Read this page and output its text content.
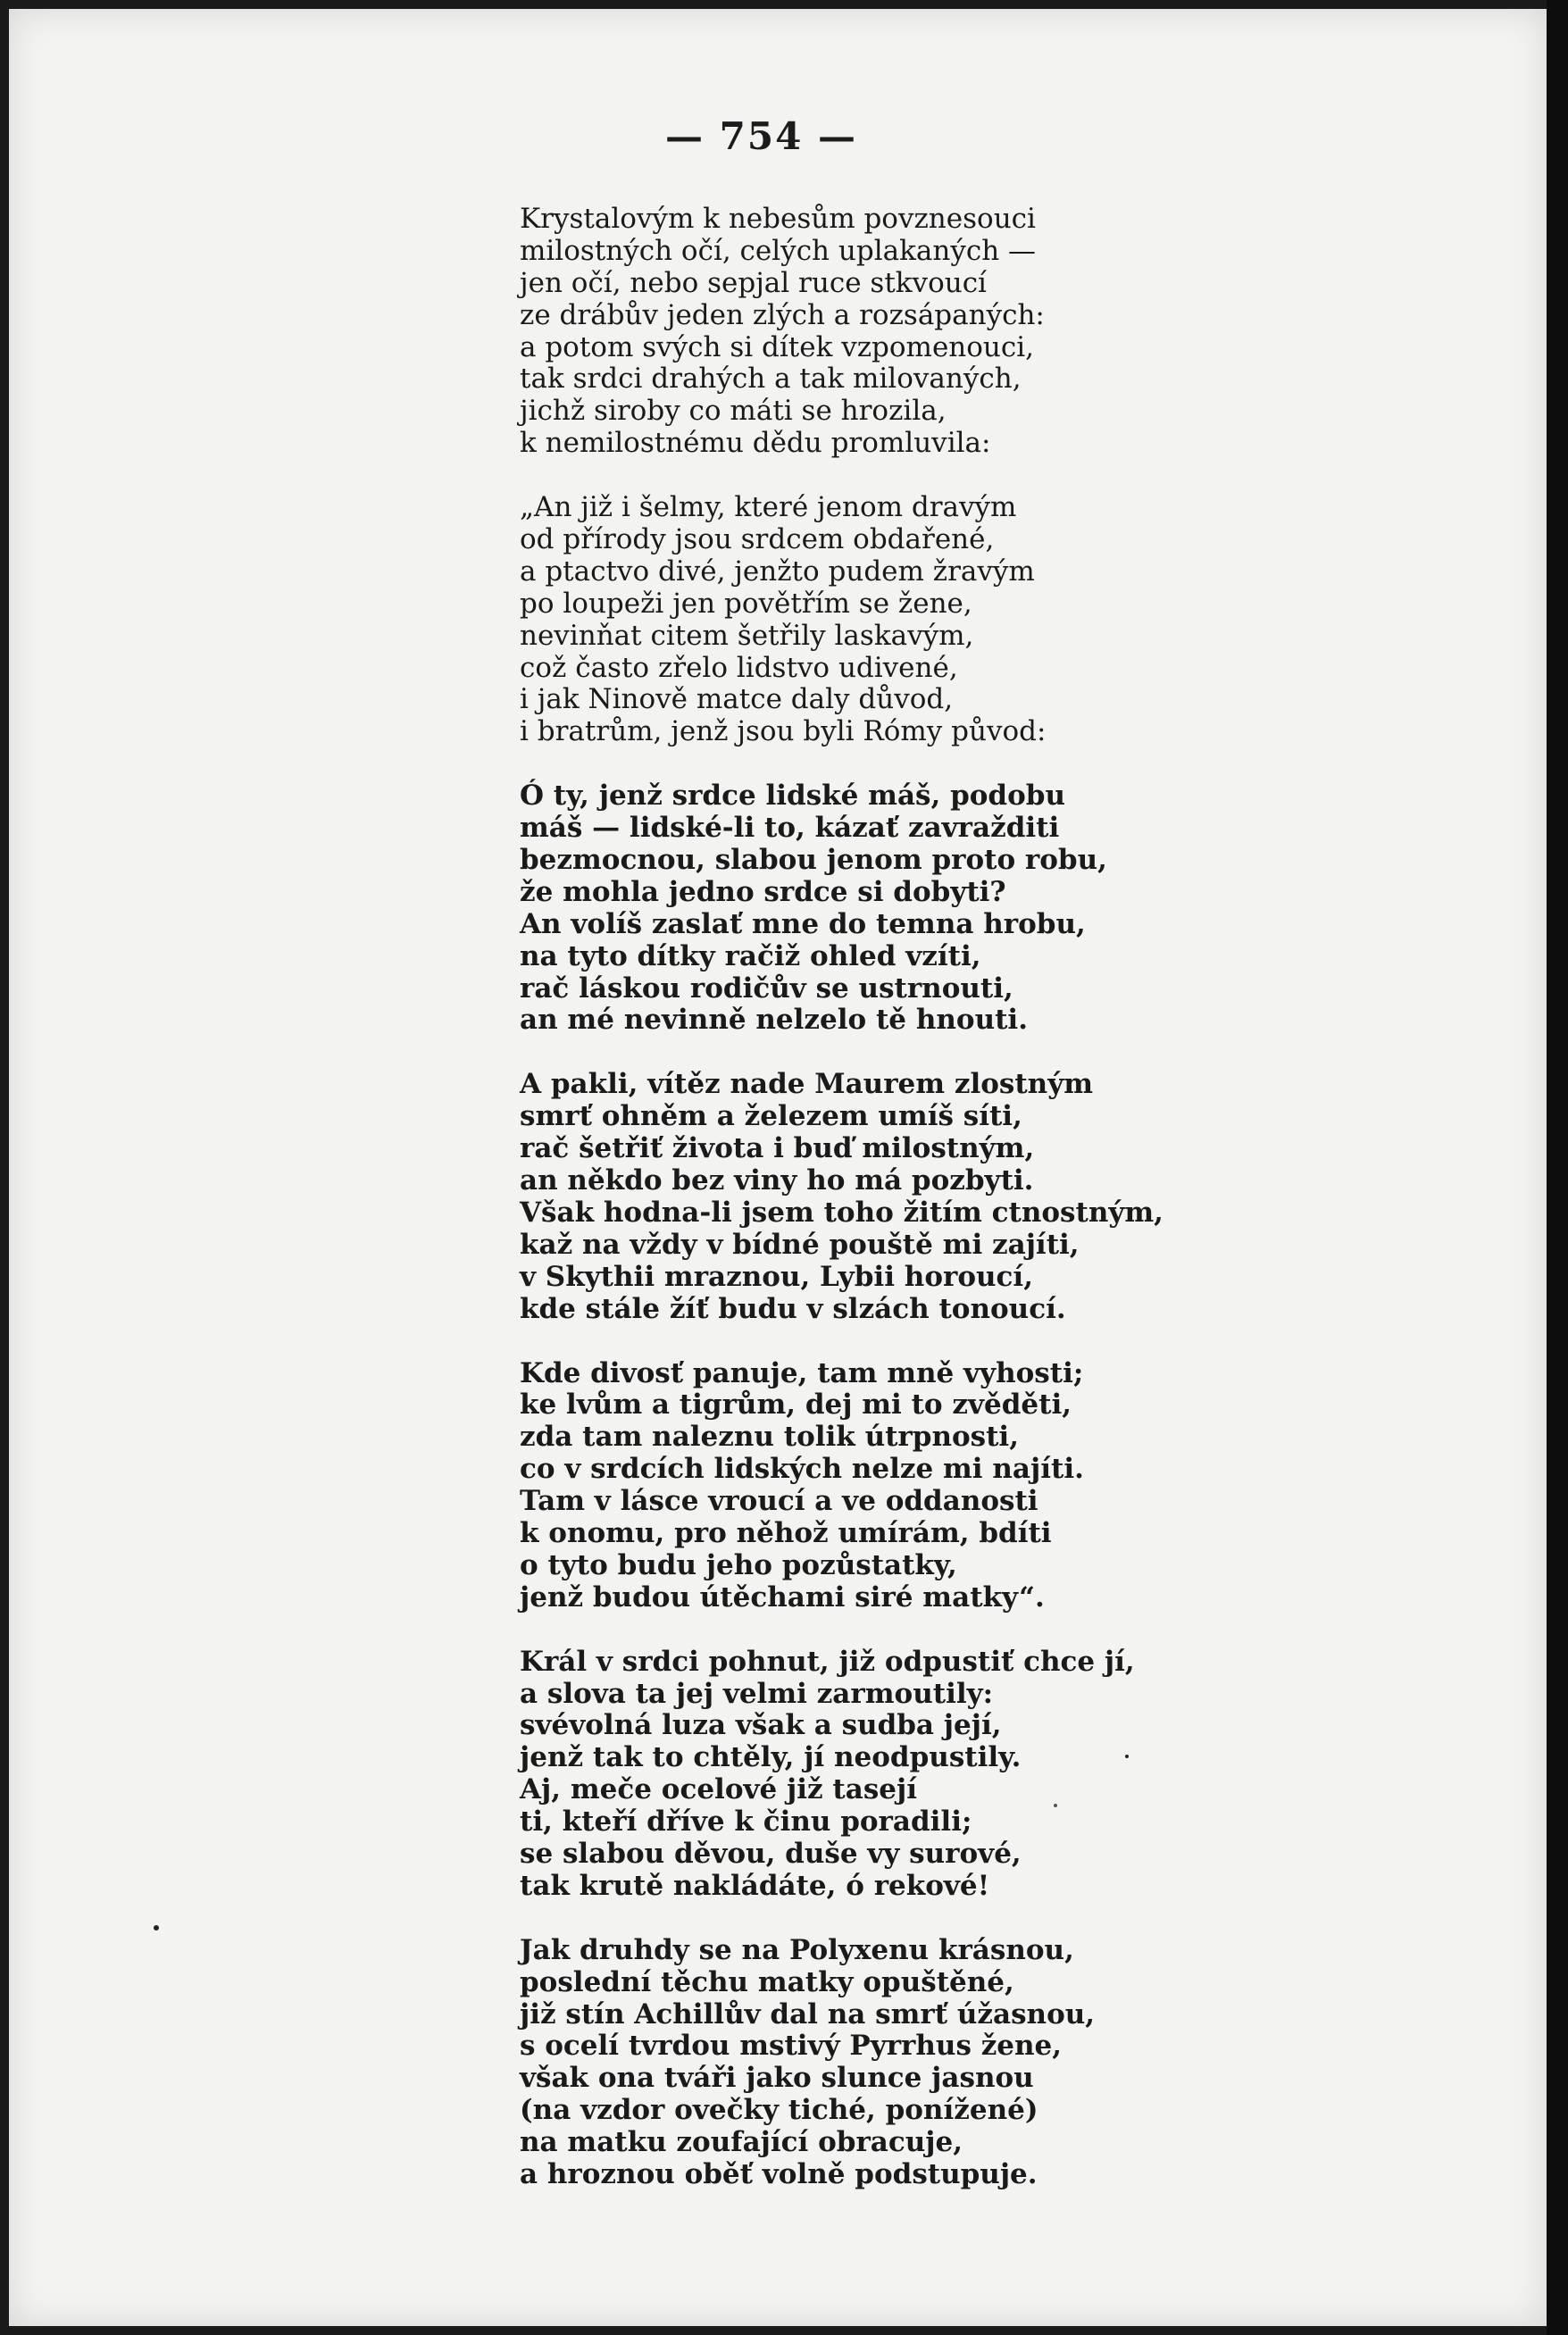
— 754 —
Krystalovým k nebesům povznesouci
milostných očí, celých uplakaných —
jen očí, nebo sepjal ruce stkvoucí
ze drábův jeden zlých a rozsápaných:
a potom svých si dítek vzpomenouci,
tak srdci drahých a tak milovaných,
jichž siroby co máti se hrozila,
k nemilostnému dědu promluvila:
„An již i šelmy, které jenom dravým
od přírody jsou srdcem obdařené,
a ptactvo divé, jenžto pudem žravým
po loupeži jen povětřím se žene,
nevinňat citem šetřily laskavým,
což často zřelo lidstvo udivené,
i jak Ninově matce daly důvod,
i bratrům, jenž jsou byli Rómy původ:
Ó ty, jenž srdce lidské máš, podobu
máš — lidské-li to, kázať zavražditi
bezmocnou, slabou jenom proto robu,
že mohla jedno srdce si dobyti?
An volíš zaslať mne do temna hrobu,
na tyto dítky račiž ohled vzíti,
rač láskou rodičův se ustrnouti,
an mé nevinně nelzelo tě hnouti.
A pakli, vítěz nade Maurem zlostným
smrť ohněm a železem umíš síti,
rač šetřiť života i buď milostným,
an někdo bez viny ho má pozbyti.
Však hodna-li jsem toho žitím ctnostným,
kaž na vždy v bídné pouště mi zajíti,
v Skythii mraznou, Lybii horoucí,
kde stále žíť budu v slzách tonoucí.
Kde divosť panuje, tam mně vyhosti;
ke lvům a tigrům, dej mi to zvěděti,
zda tam naleznu tolik útrpnosti,
co v srdcích lidských nelze mi najíti.
Tam v lásce vroucí a ve oddanosti
k onomu, pro něhož umírám, bdíti
o tyto budu jeho pozůstatky,
jenž budou útěchami siré matky“.
Král v srdci pohnut, již odpustiť chce jí,
a slova ta jej velmi zarmoutily:
svévolná luza však a sudba její,
jenž tak to chtěly, jí neodpustily.
Aj, meče ocelové již tasejí
ti, kteří dříve k činu poradili;
se slabou děvou, duše vy surové,
tak krutě nakládáte, ó rekové!
Jak druhdy se na Polyxenu krásnou,
poslední těchu matky opuštěné,
již stín Achillův dal na smrť úžasnou,
s ocelí tvrdou mstivý Pyrrhus žene,
však ona tváři jako slunce jasnou
(na vzdor ovečky tiché, ponížené)
na matku zoufající obracuje,
a hroznou oběť volně podstupuje.
